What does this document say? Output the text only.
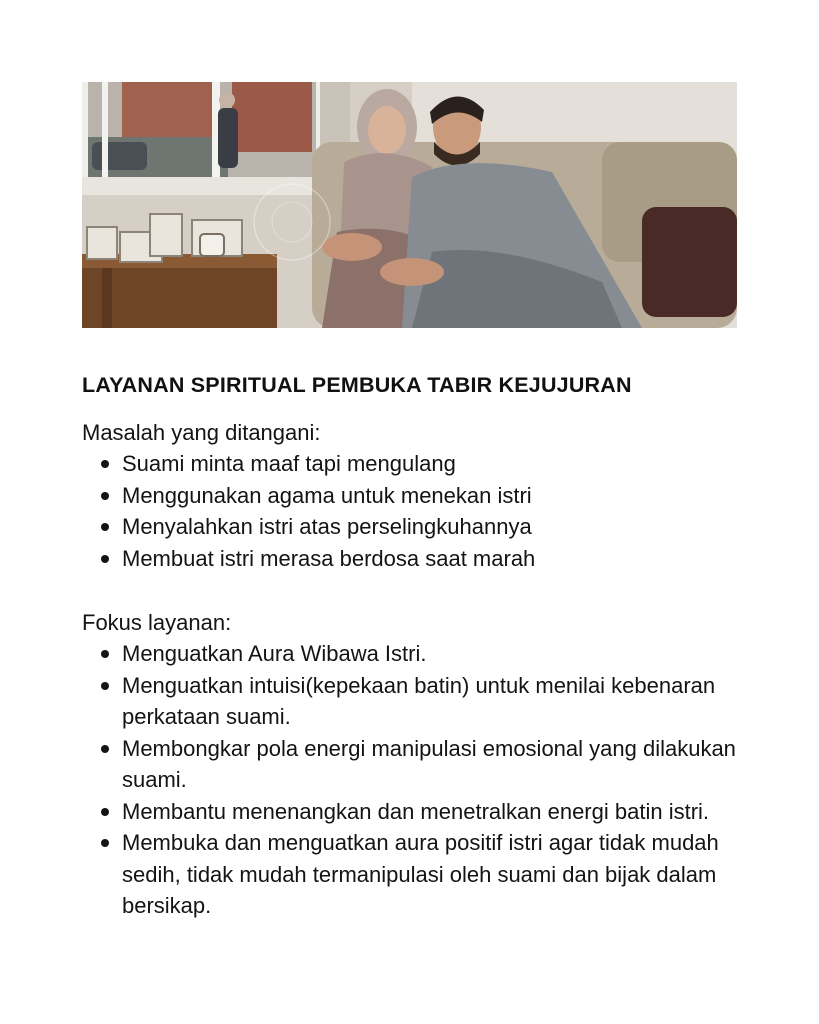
LAYANAN SPIRITUAL PEMBUKA TABIR KEJUJURAN

Masalah yang ditangani:

Suami minta maaf tapi mengulang
Menggunakan agama untuk menekan istri
Menyalahkan istri atas perselingkuhannya
Membuat istri merasa berdosa saat marah

Fokus layanan:

Menguatkan Aura Wibawa Istri.
Menguatkan intuisi(kepekaan batin) untuk menilai kebenaran perkataan suami.
Membongkar pola energi manipulasi emosional yang dilakukan suami.
Membantu menenangkan dan menetralkan energi batin istri.
Membuka dan menguatkan aura positif istri agar tidak mudah sedih, tidak mudah termanipulasi oleh suami dan bijak dalam bersikap.
